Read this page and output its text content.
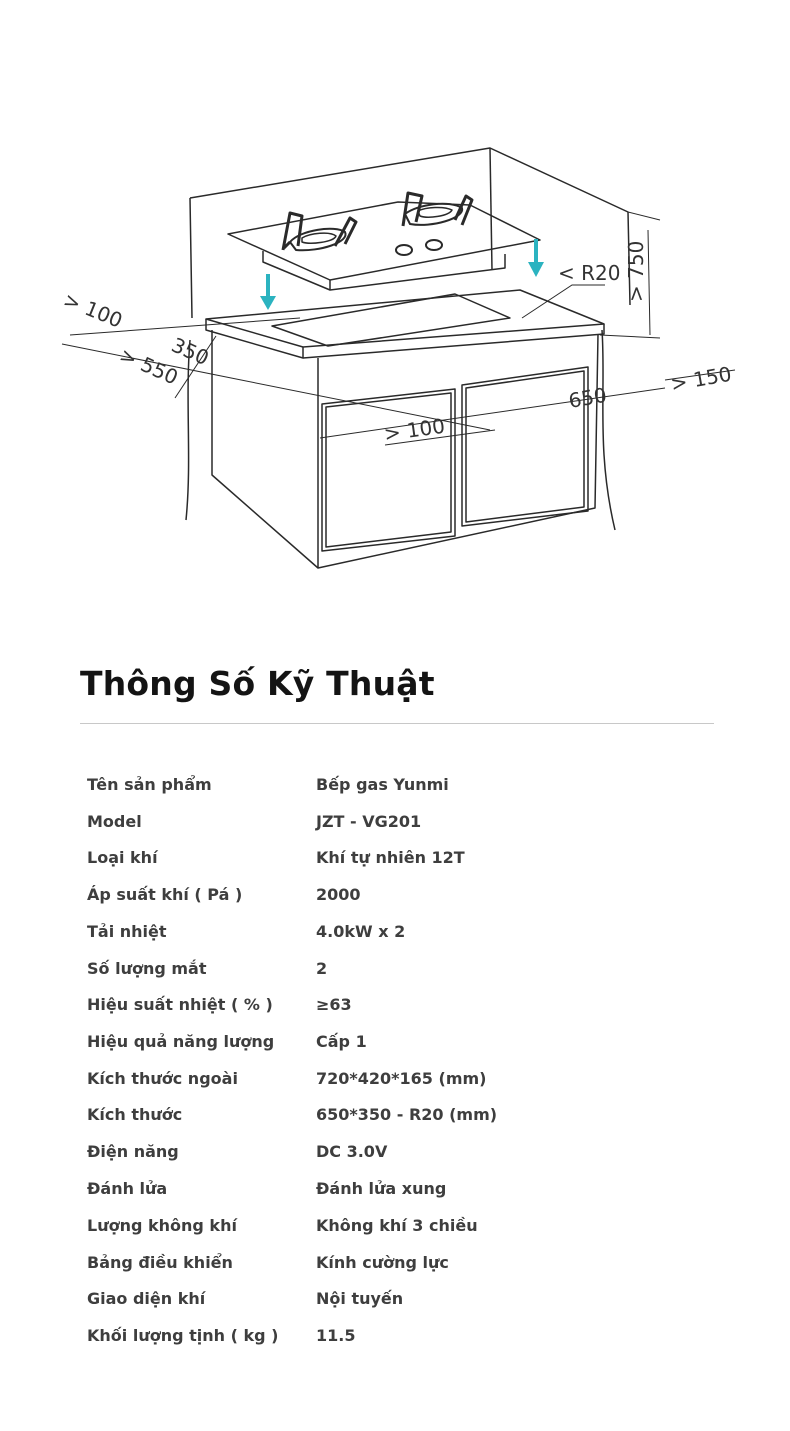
> 550
350
> 100
> 100
< R20 > 750
650
> 150
Thông Số Kỹ Thuật
Tên sản phẩm	Bếp gas Yunmi
Model	JZT - VG201
Loại khí	Khí tự nhiên 12T
Áp suất khí ( Pá )	2000
Tải nhiệt	4.0kW x 2
Số lượng mắt	2
Hiệu suất nhiệt ( % )	≥63
Hiệu quả năng lượng	Cấp 1
Kích thước ngoài	720*420*165 (mm)
Kích thước	650*350 - R20 (mm)
Điện năng	DC 3.0V
Đánh lửa	Đánh lửa xung
Lượng không khí	Không khí 3 chiều
Bảng điều khiển	Kính cường lực
Giao diện khí	Nội tuyến
Khối lượng tịnh ( kg ) 11.5
